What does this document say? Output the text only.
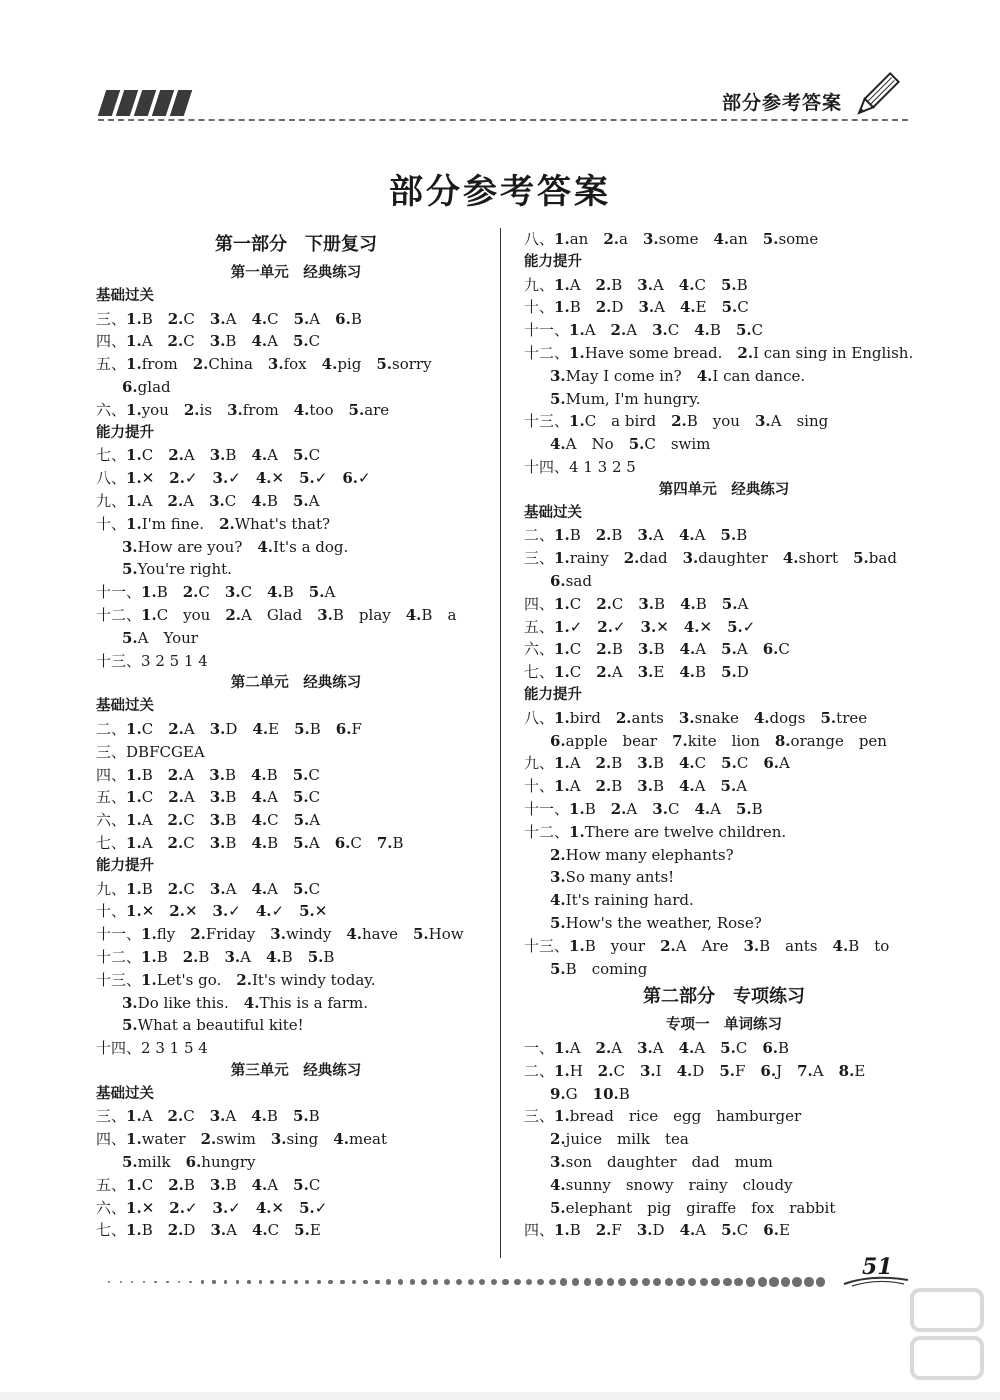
部分参考答案
部分参考答案
第一部分　下册复习
第一单元　经典练习
基础过关
三、1.B　 2.C　 3.A　 4.C　 5.A　 6.B
四、1.A　 2.C　 3.B　 4.A　 5.C
五、1.from　 2.China　 3.fox　 4.pig　 5.sorry
6.glad
六、1.you　 2.is　 3.from　 4.too　 5.are
能力提升
七、1.C　 2.A　 3.B　 4.A　 5.C
八、1.✕　 2.✓　 3.✓　 4.✕　 5.✓　 6.✓
九、1.A　 2.A　 3.C　 4.B　 5.A
十、1.I'm fine.　 2.What's that?
3.How are you?　 4.It's a dog.
5.You're right.
十一、1.B　 2.C　 3.C　 4.B　 5.A
十二、1.C　you　 2.A　Glad　 3.B　play　 4.B　a
5.A　Your
十三、3 2 5 1 4
第二单元　经典练习
基础过关
二、1.C　 2.A　 3.D　 4.E　 5.B　 6.F
三、DBFCGEA
四、1.B　 2.A　 3.B　 4.B　 5.C
五、1.C　 2.A　 3.B　 4.A　 5.C
六、1.A　 2.C　 3.B　 4.C　 5.A
七、1.A　 2.C　 3.B　 4.B　 5.A　 6.C　 7.B
能力提升
九、1.B　 2.C　 3.A　 4.A　 5.C
十、1.✕　 2.✕　 3.✓　 4.✓　 5.✕
十一、1.fly　 2.Friday　 3.windy　 4.have　 5.How
十二、1.B　 2.B　 3.A　 4.B　 5.B
十三、1.Let's go.　 2.It's windy today.
3.Do like this.　 4.This is a farm.
5.What a beautiful kite!
十四、2 3 1 5 4
第三单元　经典练习
基础过关
三、1.A　 2.C　 3.A　 4.B　 5.B
四、1.water　 2.swim　 3.sing　 4.meat
5.milk　 6.hungry
五、1.C　 2.B　 3.B　 4.A　 5.C
六、1.✕　 2.✓　 3.✓　 4.✕　 5.✓
七、1.B　 2.D　 3.A　 4.C　 5.E
八、1.an　 2.a　 3.some　 4.an　 5.some
能力提升
九、1.A　 2.B　 3.A　 4.C　 5.B
十、1.B　 2.D　 3.A　 4.E　 5.C
十一、1.A　 2.A　 3.C　 4.B　 5.C
十二、1.Have some bread.　 2.I can sing in English.
3.May I come in?　 4.I can dance.
5.Mum, I'm hungry.
十三、1.C　a bird　 2.B　you　 3.A　sing
4.A　No　 5.C　swim
十四、4 1 3 2 5
第四单元　经典练习
基础过关
二、1.B　 2.B　 3.A　 4.A　 5.B
三、1.rainy　 2.dad　 3.daughter　 4.short　 5.bad
6.sad
四、1.C　 2.C　 3.B　 4.B　 5.A
五、1.✓　 2.✓　 3.✕　 4.✕　 5.✓
六、1.C　 2.B　 3.B　 4.A　 5.A　 6.C
七、1.C　 2.A　 3.E　 4.B　 5.D
能力提升
八、1.bird　 2.ants　 3.snake　 4.dogs　 5.tree
6.apple　bear　 7.kite　lion　 8.orange　pen
九、1.A　 2.B　 3.B　 4.C　 5.C　 6.A
十、1.A　 2.B　 3.B　 4.A　 5.A
十一、1.B　 2.A　 3.C　 4.A　 5.B
十二、1.There are twelve children.
2.How many elephants?
3.So many ants!
4.It's raining hard.
5.How's the weather, Rose?
十三、1.B　your　 2.A　Are　 3.B　ants　 4.B　to
5.B　coming
第二部分　专项练习
专项一　单词练习
一、1.A　 2.A　 3.A　 4.A　 5.C　 6.B
二、1.H　 2.C　 3.I　 4.D　 5.F　 6.J　 7.A　 8.E
9.G　 10.B
三、1.bread　rice　egg　hamburger
2.juice　milk　tea
3.son　daughter　dad　mum
4.sunny　snowy　rainy　cloudy
5.elephant　pig　giraffe　fox　rabbit
四、1.B　 2.F　 3.D　 4.A　 5.C　 6.E
51
